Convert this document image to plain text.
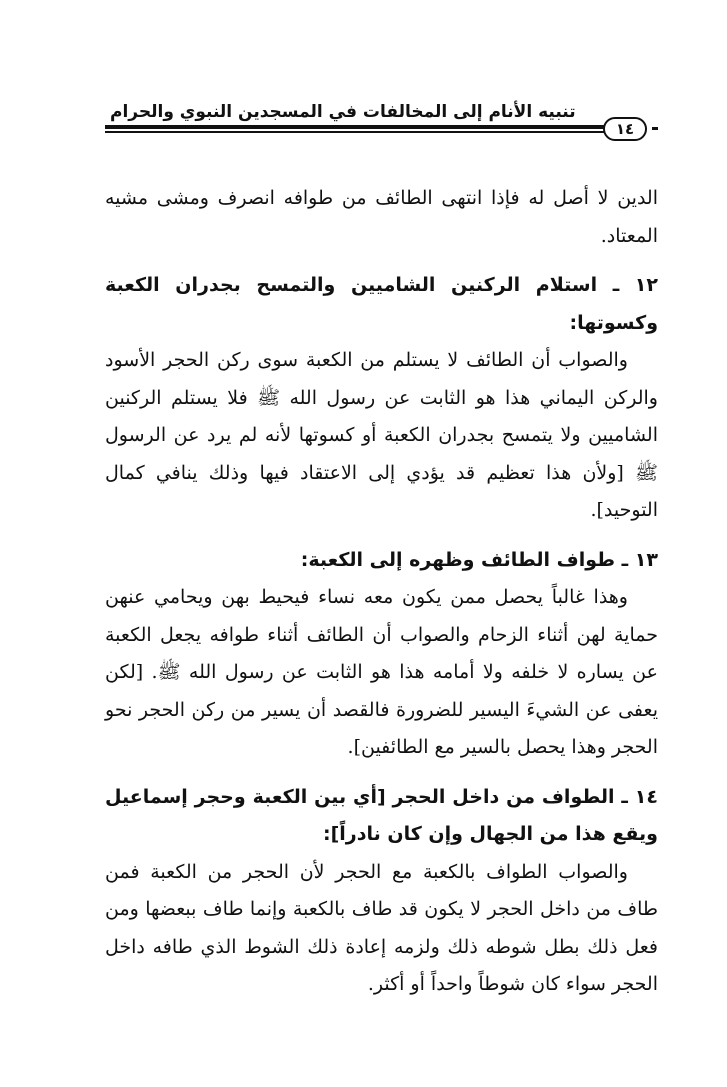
تنبيه الأنام إلى المخالفات في المسجدين النبوي والحرام
١٤

الدين لا أصل له فإذا انتهى الطائف من طوافه انصرف ومشى مشيه المعتاد.

١٢ ـ استلام الركنين الشاميين والتمسح بجدران الكعبة وكسوتها:

والصواب أن الطائف لا يستلم من الكعبة سوى ركن الحجر الأسود والركن اليماني هذا هو الثابت عن رسول الله ﷺ فلا يستلم الركنين الشاميين ولا يتمسح بجدران الكعبة أو كسوتها لأنه لم يرد عن الرسول ﷺ [ولأن هذا تعظيم قد يؤدي إلى الاعتقاد فيها وذلك ينافي كمال التوحيد].

١٣ ـ طواف الطائف وظهره إلى الكعبة:

وهذا غالباً يحصل ممن يكون معه نساء فيحيط بهن ويحامي عنهن حماية لهن أثناء الزحام والصواب أن الطائف أثناء طوافه يجعل الكعبة عن يساره لا خلفه ولا أمامه هذا هو الثابت عن رسول الله ﷺ. [لكن يعفى عن الشيءَ اليسير للضرورة فالقصد أن يسير من ركن الحجر نحو الحجر وهذا يحصل بالسير مع الطائفين].

١٤ ـ الطواف من داخل الحجر [أي بين الكعبة وحجر إسماعيل ويقع هذا من الجهال وإن كان نادراً]:

والصواب الطواف بالكعبة مع الحجر لأن الحجر من الكعبة فمن طاف من داخل الحجر لا يكون قد طاف بالكعبة وإنما طاف ببعضها ومن فعل ذلك بطل شوطه ذلك ولزمه إعادة ذلك الشوط الذي طافه داخل الحجر سواء كان شوطاً واحداً أو أكثر.
